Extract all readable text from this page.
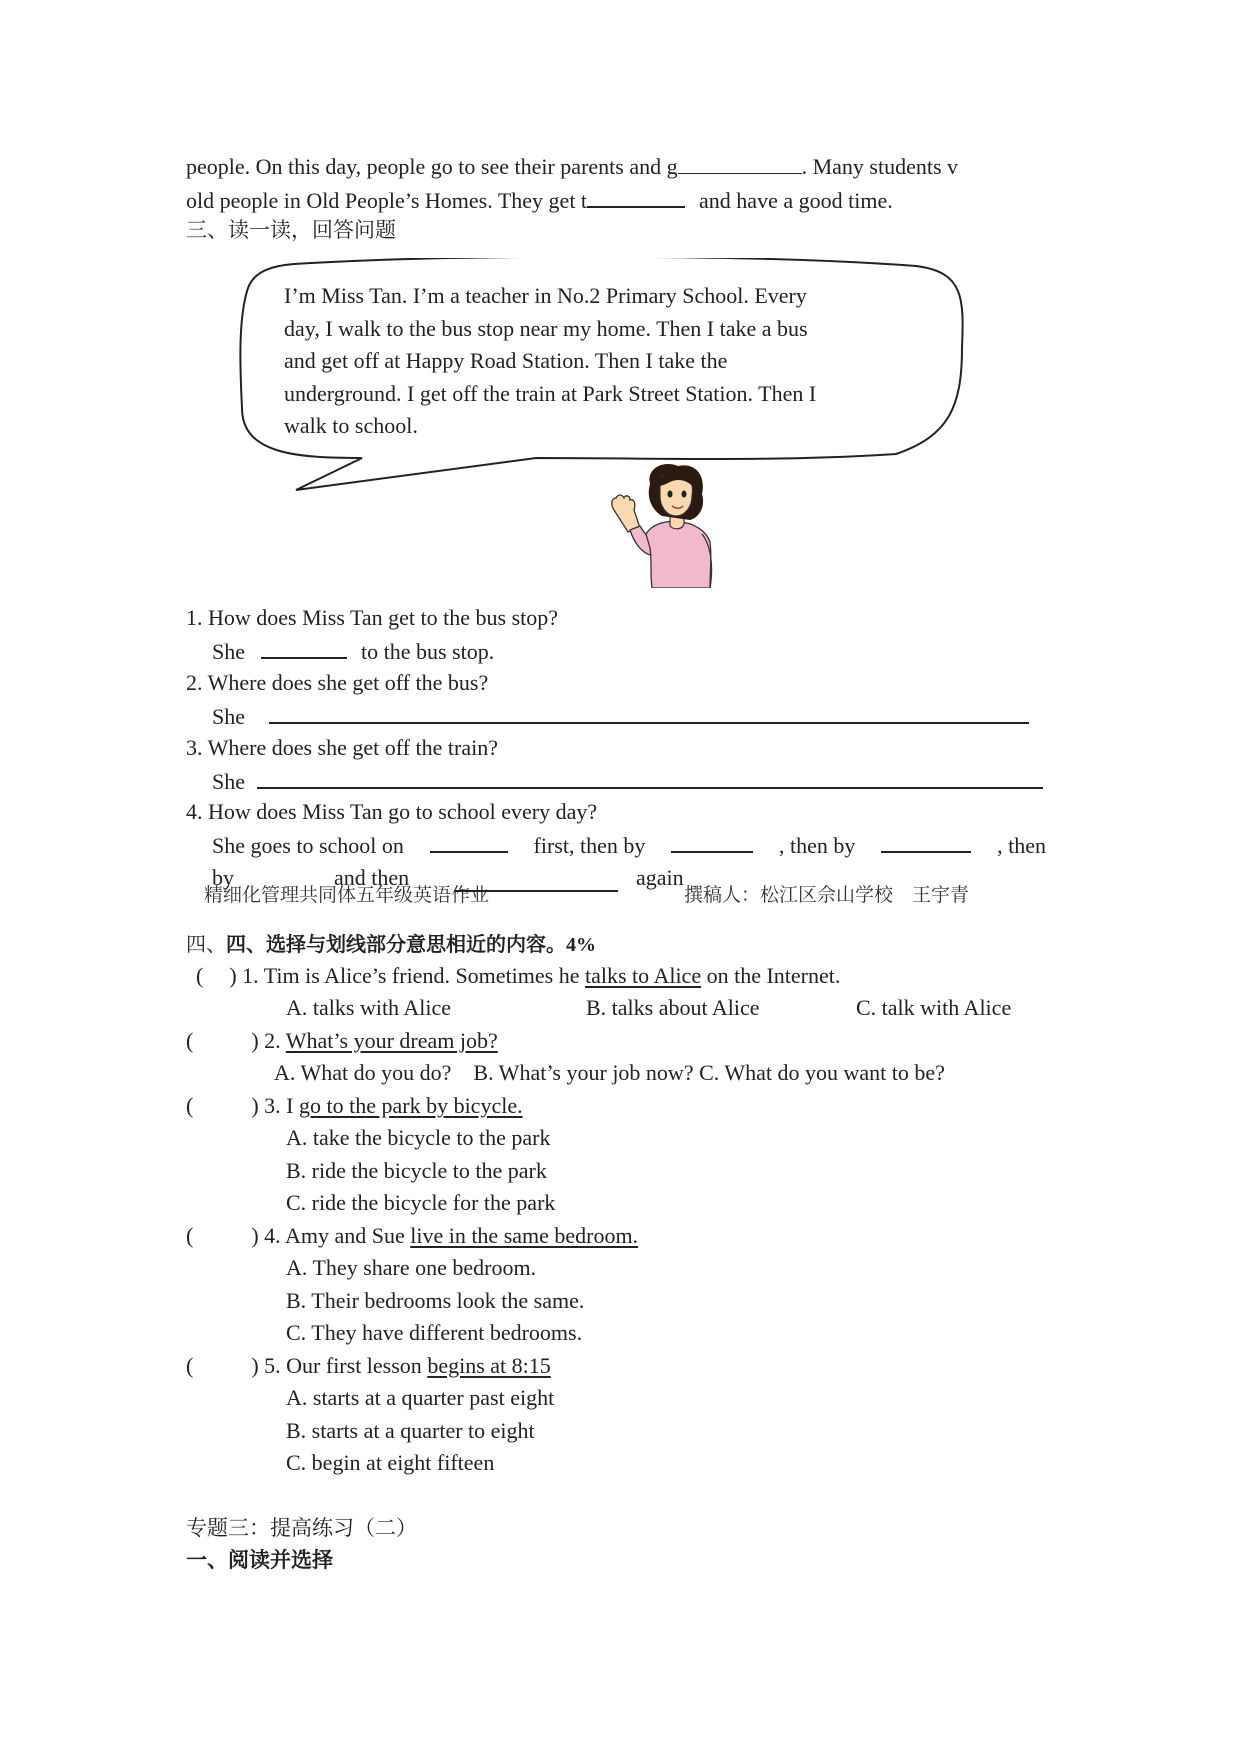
people. On this day, people go to see their parents and g	. Many students v
old people in Old People’s Homes. They get t	and have a good time.
三、读一读，回答问题
I’m Miss Tan. I’m a teacher in No.2 Primary School. Every
day, I walk to the bus stop near my home. Then I take a bus
and get off at Happy Road Station. Then I take the
underground. I get off the train at Park Street Station. Then I
walk to school.
1. How does Miss Tan get to the bus stop?
She	to the bus stop.
2. Where does she get off the bus?
She
3. Where does she get off the train?
She
4. How does Miss Tan go to school every day?
She goes to school on	first, then by	, then by	, then
精细化管理共同体五年级英语作业	撰稿人：松江区佘山学校　王宇青
by	and then	again
四、四、选择与划线部分意思相近的内容。4%
( ) 1. Tim is Alice’s friend. Sometimes he talks to Alice on the Internet.
A. talks with Alice	B. talks about Alice	C. talk with Alice
(	) 2. What’s your dream job?
A. What do you do?    B. What’s your job now? C. What do you want to be?
(	) 3. I go to the park by bicycle.
A. take the bicycle to the park
B. ride the bicycle to the park
C. ride the bicycle for the park
(	) 4. Amy and Sue live in the same bedroom.
A. They share one bedroom.
B. Their bedrooms look the same.
C. They have different bedrooms.
(	) 5. Our first lesson begins at 8:15
A. starts at a quarter past eight
B. starts at a quarter to eight
C. begin at eight fifteen
专题三：提高练习（二）
一、阅读并选择
